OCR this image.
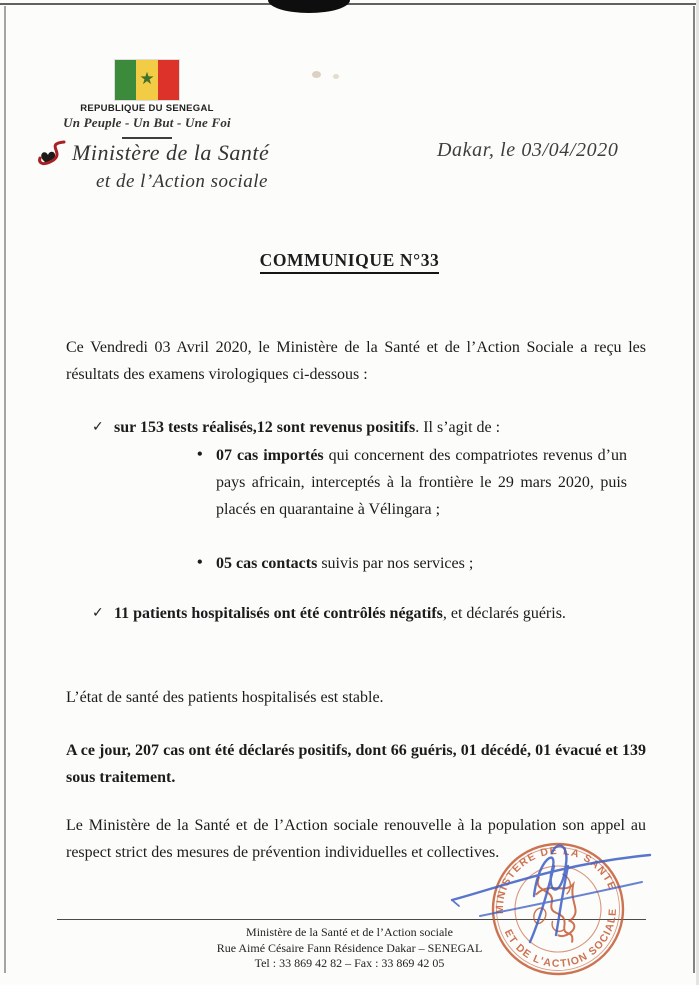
★
REPUBLIQUE DU SENEGAL
Un Peuple - Un But - Une Foi
Ministère de la Santé
et de l’Action sociale
Dakar, le 03/04/2020
COMMUNIQUE N°33

Ce Vendredi 03 Avril 2020, le Ministère de la Santé et de l’Action Sociale a reçu les résultats des examens virologiques ci-dessous :

✓ sur 153 tests réalisés,12 sont revenus positifs. Il s’agit de :
• 07 cas importés qui concernent des compatriotes revenus d’un pays africain, interceptés à la frontière le 29 mars 2020, puis placés en quarantaine à Vélingara ;
• 05 cas contacts suivis par nos services ;
✓ 11 patients hospitalisés ont été contrôlés négatifs, et déclarés guéris.

L’état de santé des patients hospitalisés est stable.

A ce jour, 207 cas ont été déclarés positifs, dont 66 guéris, 01 décédé, 01 évacué et 139 sous traitement.

Le Ministère de la Santé et de l’Action sociale renouvelle à la population son appel au respect strict des mesures de prévention individuelles et collectives.

Ministère de la Santé et de l’Action sociale
Rue Aimé Césaire Fann Résidence Dakar – SENEGAL
Tel : 33 869 42 82 – Fax : 33 869 42 05
MINISTERE DE LA SANTE
ET DE L'ACTION SOCIALE
